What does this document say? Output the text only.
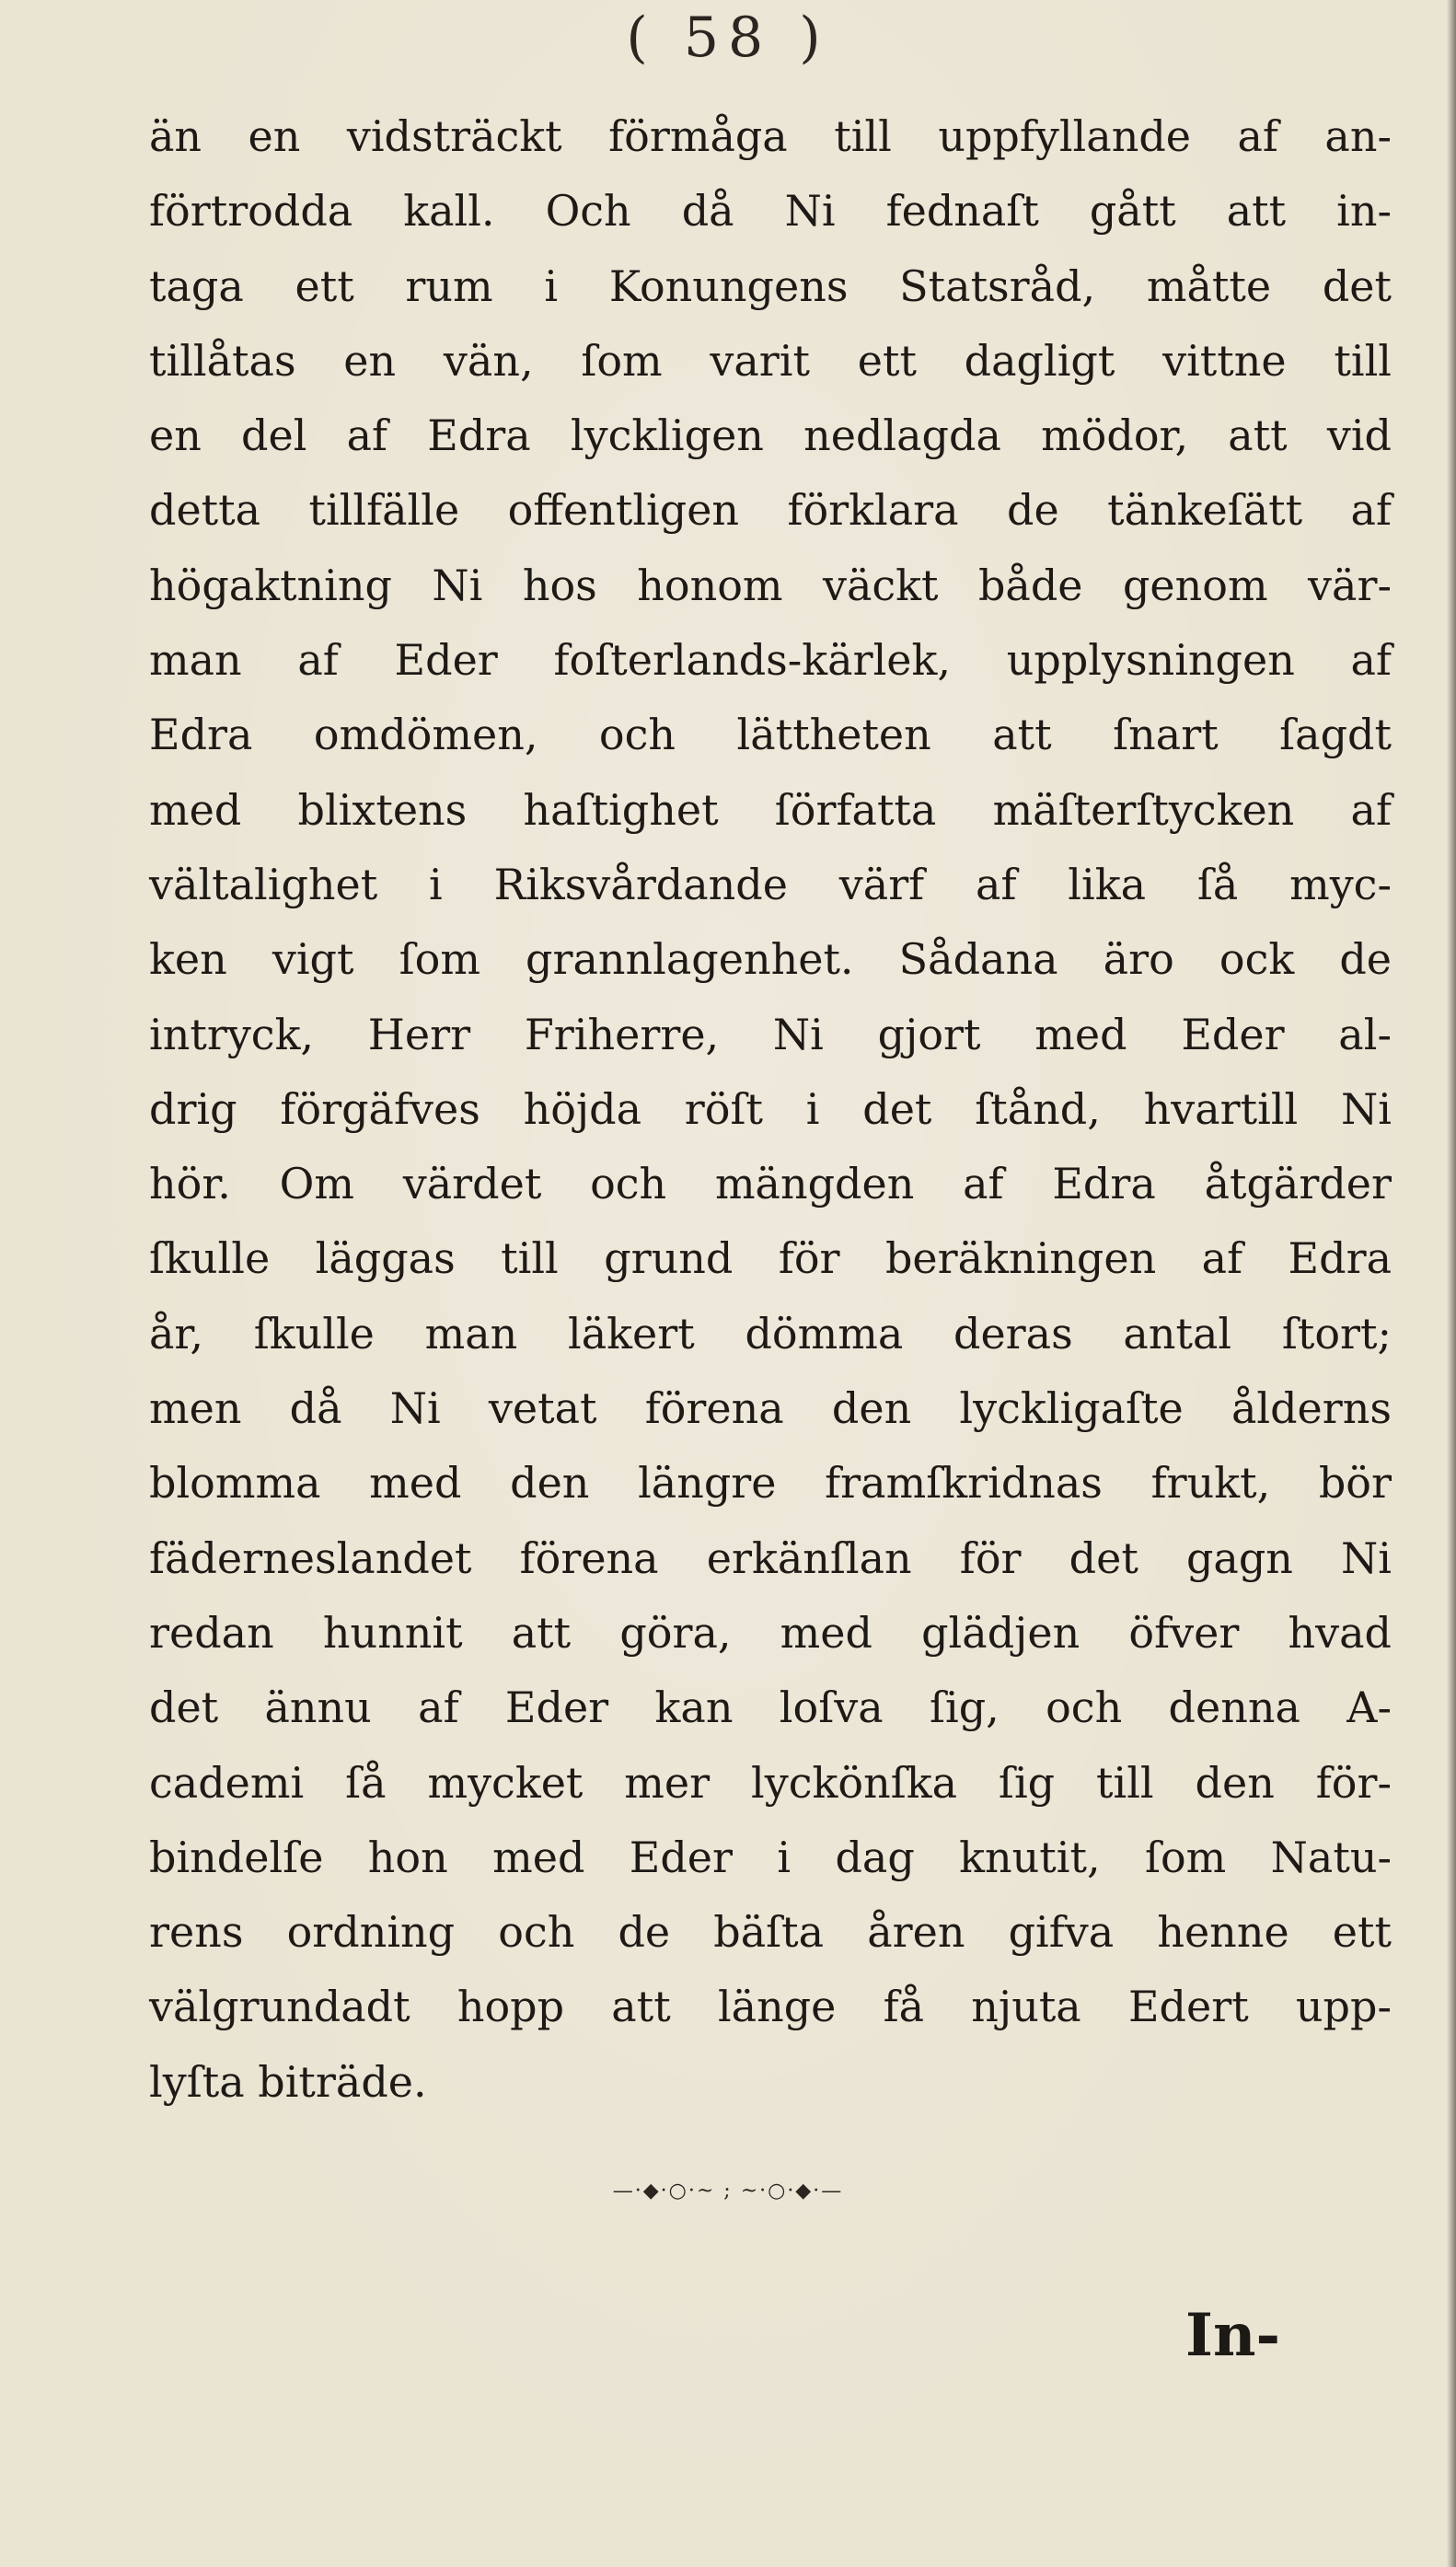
( 58 )
än en vidsträckt förmåga till uppfyllande af an-
förtrodda kall. Och då Ni fednaſt gått att in-
taga ett rum i Konungens Statsråd, måtte det
tillåtas en vän, ſom varit ett dagligt vittne till
en del af Edra lyckligen nedlagda mödor, att vid
detta tillfälle offentligen förklara de tänkeſätt af
högaktning Ni hos honom väckt både genom vär-
man af Eder foſterlands-kärlek, upplysningen af
Edra omdömen, och lättheten att ſnart ſagdt
med blixtens haſtighet ſörfatta mäſterſtycken af
vältalighet i Riksvårdande värf af lika ſå myc-
ken vigt ſom grannlagenhet. Sådana äro ock de
intryck, Herr Friherre, Ni gjort med Eder al-
drig förgäfves höjda röſt i det ſtånd, hvartill Ni
hör. Om värdet och mängden af Edra åtgärder
ſkulle läggas till grund för beräkningen af Edra
år, ſkulle man läkert dömma deras antal ſtort;
men då Ni vetat förena den lyckligaſte ålderns
blomma med den längre framſkridnas frukt, bör
fäderneslandet förena erkänſlan för det gagn Ni
redan hunnit att göra, med glädjen öfver hvad
det ännu af Eder kan loſva ſig, och denna A-
cademi ſå mycket mer lyckönſka ſig till den för-
bindelſe hon med Eder i dag knutit, ſom Natu-
rens ordning och de bäſta åren gifva henne ett
välgrundadt hopp att länge få njuta Edert upp-
lyſta biträde.
—·◆·○·~ ; ~·○·◆·—
In-
